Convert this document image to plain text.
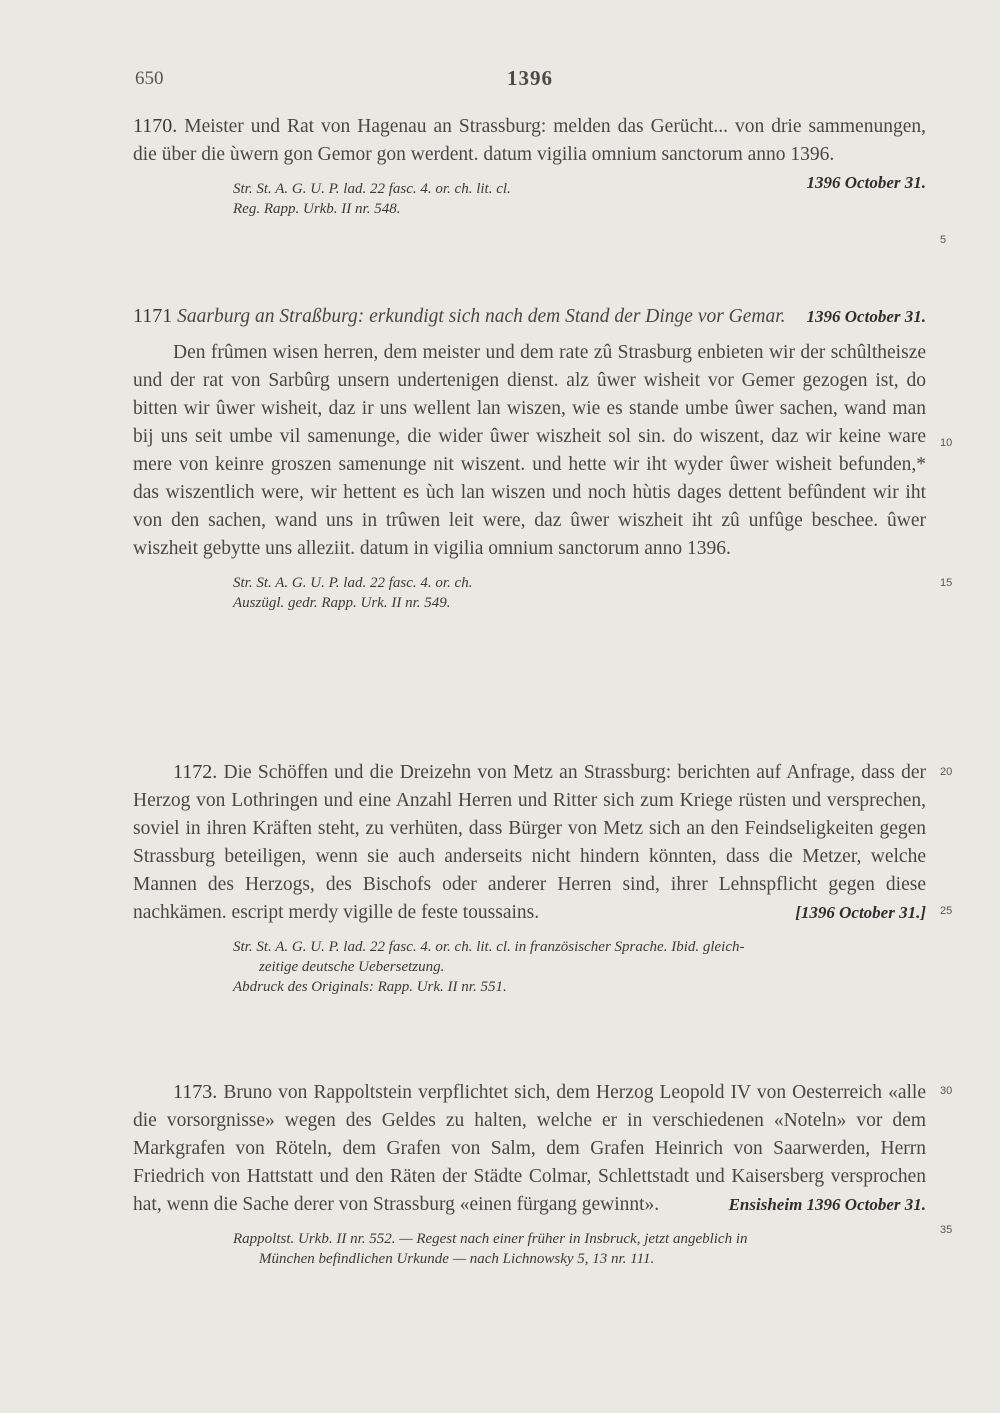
650	1396

1170. Meister und Rat von Hagenau an Strassburg: melden das Gerücht... von drie sammenungen, die über die ùwern gon Gemor gon werdent. datum vigilia omnium sanctorum anno 1396.
1396 October 31.

Str. St. A. G. U. P. lad. 22 fasc. 4. or. ch. lit. cl.
Reg. Rapp. Urkb. II nr. 548.

1171 Saarburg an Straßburg: erkundigt sich nach dem Stand der Dinge vor Gemar.	1396 October 31.

Den frûmen wisen herren, dem meister und dem rate zû Strasburg enbieten wir der schûltheisze und der rat von Sarbûrg unsern undertenigen dienst. alz ûwer wisheit vor Gemer gezogen ist, do bitten wir ûwer wisheit, daz ir uns wellent lan wiszen, wie es stande umbe ûwer sachen, wand man bij uns seit umbe vil samenunge, die wider ûwer wiszheit sol sin. do wiszent, daz wir keine ware mere von keinre groszen samenunge nit wiszent. und hette wir iht wyder ûwer wisheit befunden,* das wiszentlich were, wir hettent es ùch lan wiszen und noch hùtis dages dettent befûndent wir iht von den sachen, wand uns in trûwen leit were, daz ûwer wiszheit iht zû unfûge beschee. ûwer wiszheit gebytte uns alleziit. datum in vigilia omnium sanctorum anno 1396.

Str. St. A. G. U. P. lad. 22 fasc. 4. or. ch.
Auszügl. gedr. Rapp. Urk. II nr. 549.

1172. Die Schöffen und die Dreizehn von Metz an Strassburg: berichten auf Anfrage, dass der Herzog von Lothringen und eine Anzahl Herren und Ritter sich zum Kriege rüsten und versprechen, soviel in ihren Kräften steht, zu verhüten, dass Bürger von Metz sich an den Feindseligkeiten gegen Strassburg beteiligen, wenn sie auch anderseits nicht hindern könnten, dass die Metzer, welche Mannen des Herzogs, des Bischofs oder anderer Herren sind, ihrer Lehnspflicht gegen diese nachkämen. escript merdy vigille de feste toussains.	[1396 October 31.]

Str. St. A. G. U. P. lad. 22 fasc. 4. or. ch. lit. cl. in französischer Sprache. Ibid. gleich-
zeitige deutsche Uebersetzung.
Abdruck des Originals: Rapp. Urk. II nr. 551.

1173. Bruno von Rappoltstein verpflichtet sich, dem Herzog Leopold IV von Oesterreich «alle die vorsorgnisse» wegen des Geldes zu halten, welche er in verschiedenen «Noteln» vor dem Markgrafen von Röteln, dem Grafen von Salm, dem Grafen Heinrich von Saarwerden, Herrn Friedrich von Hattstatt und den Räten der Städte Colmar, Schlettstadt und Kaisersberg versprochen hat, wenn die Sache derer von Strassburg «einen fürgang gewinnt».	Ensisheim 1396 October 31.

Rappoltst. Urkb. II nr. 552. — Regest nach einer früher in Insbruck, jetzt angeblich in
München befindlichen Urkunde — nach Lichnowsky 5, 13 nr. 111.
5
10
15
20
25
30
35
